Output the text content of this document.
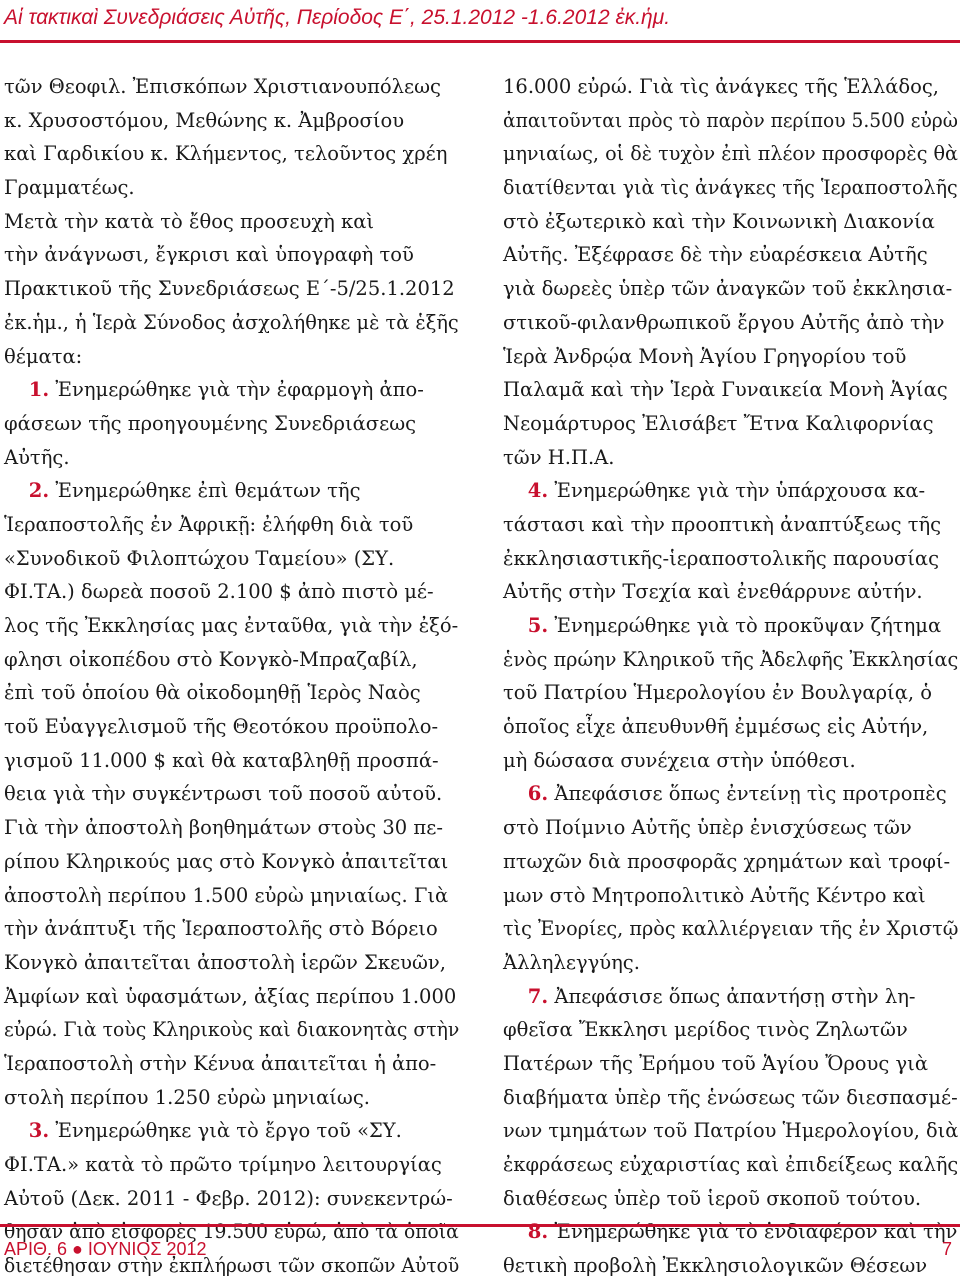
Αἱ τακτικαὶ Συνεδριάσεις Αὐτῆς, Περίοδος Ε΄, 25.1.2012 -1.6.2012 ἐκ.ἡμ.
τῶν Θεοφιλ. Ἐπισκόπων Χριστιανουπόλεως
κ. Χρυσοστόμου, Μεθώνης κ. Ἀμβροσίου
καὶ Γαρδικίου κ. Κλήμεντος, τελοῦντος χρέη
Γραμματέως.
Μετὰ τὴν κατὰ τὸ ἔθος προσευχὴ καὶ
τὴν ἀνάγνωσι, ἔγκρισι καὶ ὑπογραφὴ τοῦ
Πρακτικοῦ τῆς Συνεδριάσεως Ε΄-5/25.1.2012
ἐκ.ἡμ., ἡ Ἱερὰ Σύνοδος ἀσχολήθηκε μὲ τὰ ἑξῆς
θέματα:
1. Ἐνημερώθηκε γιὰ τὴν ἐφαρμογὴ ἀπο-
φάσεων τῆς προηγουμένης Συνεδριάσεως
Αὐτῆς.
2. Ἐνημερώθηκε ἐπὶ θεμάτων τῆς
Ἱεραποστολῆς ἐν Ἀφρικῇ: ἐλήφθη διὰ τοῦ
«Συνοδικοῦ Φιλοπτώχου Ταμείου» (ΣΥ.
ΦΙ.ΤΑ.) δωρεὰ ποσοῦ 2.100 $ ἀπὸ πιστὸ μέ-
λος τῆς Ἐκκλησίας μας ἐνταῦθα, γιὰ τὴν ἐξό-
φλησι οἰκοπέδου στὸ Κονγκὸ-Μπραζαβίλ,
ἐπὶ τοῦ ὁποίου θὰ οἰκοδομηθῇ Ἱερὸς Ναὸς
τοῦ Εὐαγγελισμοῦ τῆς Θεοτόκου προϋπολο-
γισμοῦ 11.000 $ καὶ θὰ καταβληθῇ προσπά-
θεια γιὰ τὴν συγκέντρωσι τοῦ ποσοῦ αὐτοῦ.
Γιὰ τὴν ἀποστολὴ βοηθημάτων στοὺς 30 πε-
ρίπου Κληρικούς μας στὸ Κονγκὸ ἀπαιτεῖται
ἀποστολὴ περίπου 1.500 εὐρὼ μηνιαίως. Γιὰ
τὴν ἀνάπτυξι τῆς Ἱεραποστολῆς στὸ Βόρειο
Κονγκὸ ἀπαιτεῖται ἀποστολὴ ἱερῶν Σκευῶν,
Ἀμφίων καὶ ὑφασμάτων, ἀξίας περίπου 1.000
εὐρώ. Γιὰ τοὺς Κληρικοὺς καὶ διακονητὰς στὴν
Ἱεραποστολὴ στὴν Κένυα ἀπαιτεῖται ἡ ἀπο-
στολὴ περίπου 1.250 εὐρὼ μηνιαίως.
3. Ἐνημερώθηκε γιὰ τὸ ἔργο τοῦ «ΣΥ.
ΦΙ.ΤΑ.» κατὰ τὸ πρῶτο τρίμηνο λειτουργίας
Αὐτοῦ (Δεκ. 2011 - Φεβρ. 2012): συνεκεντρώ-
θησαν ἀπὸ εἰσφορὲς 19.500 εὐρώ, ἀπὸ τὰ ὁποῖα
διετέθησαν στὴν ἐκπλήρωσι τῶν σκοπῶν Αὐτοῦ
16.000 εὐρώ. Γιὰ τὶς ἀνάγκες τῆς Ἑλλάδος,
ἀπαιτοῦνται πρὸς τὸ παρὸν περίπου 5.500 εὐρὼ
μηνιαίως, οἱ δὲ τυχὸν ἐπὶ πλέον προσφορὲς θὰ
διατίθενται γιὰ τὶς ἀνάγκες τῆς Ἱεραποστολῆς
στὸ ἐξωτερικὸ καὶ τὴν Κοινωνικὴ Διακονία
Αὐτῆς. Ἐξέφρασε δὲ τὴν εὐαρέσκεια Αὐτῆς
γιὰ δωρεὲς ὑπὲρ τῶν ἀναγκῶν τοῦ ἐκκλησια-
στικοῦ-φιλανθρωπικοῦ ἔργου Αὐτῆς ἀπὸ τὴν
Ἱερὰ Ἀνδρῴα Μονὴ Ἁγίου Γρηγορίου τοῦ
Παλαμᾶ καὶ τὴν Ἱερὰ Γυναικεία Μονὴ Ἁγίας
Νεομάρτυρος Ἐλισάβετ Ἔτνα Καλιφορνίας
τῶν Η.Π.Α.
4. Ἐνημερώθηκε γιὰ τὴν ὑπάρχουσα κα-
τάστασι καὶ τὴν προοπτικὴ ἀναπτύξεως τῆς
ἐκκλησιαστικῆς-ἱεραποστολικῆς παρουσίας
Αὐτῆς στὴν Τσεχία καὶ ἐνεθάρρυνε αὐτήν.
5. Ἐνημερώθηκε γιὰ τὸ προκῦψαν ζήτημα
ἑνὸς πρώην Κληρικοῦ τῆς Ἀδελφῆς Ἐκκλησίας
τοῦ Πατρίου Ἡμερολογίου ἐν Βουλγαρίᾳ, ὁ
ὁποῖος εἶχε ἀπευθυνθῆ ἐμμέσως εἰς Αὐτήν,
μὴ δώσασα συνέχεια στὴν ὑπόθεσι.
6. Ἀπεφάσισε ὅπως ἐντείνῃ τὶς προτροπὲς
στὸ Ποίμνιο Αὐτῆς ὑπὲρ ἐνισχύσεως τῶν
πτωχῶν διὰ προσφορᾶς χρημάτων καὶ τροφί-
μων στὸ Μητροπολιτικὸ Αὐτῆς Κέντρο καὶ
τὶς Ἐνορίες, πρὸς καλλιέργειαν τῆς ἐν Χριστῷ
Ἀλληλεγγύης.
7. Ἀπεφάσισε ὅπως ἀπαντήσῃ στὴν λη-
φθεῖσα Ἔκκλησι μερίδος τινὸς Ζηλωτῶν
Πατέρων τῆς Ἐρήμου τοῦ Ἁγίου Ὄρους γιὰ
διαβήματα ὑπὲρ τῆς ἑνώσεως τῶν διεσπασμέ-
νων τμημάτων τοῦ Πατρίου Ἡμερολογίου, διὰ
ἐκφράσεως εὐχαριστίας καὶ ἐπιδείξεως καλῆς
διαθέσεως ὑπὲρ τοῦ ἱεροῦ σκοποῦ τούτου.
8. Ἐνημερώθηκε γιὰ τὸ ἐνδιαφέρον καὶ τὴν
θετικὴ προβολὴ Ἐκκλησιολογικῶν Θέσεων
ΑΡΙΘ. 6 ● ΙΟΥΝΙΟΣ 2012	7
